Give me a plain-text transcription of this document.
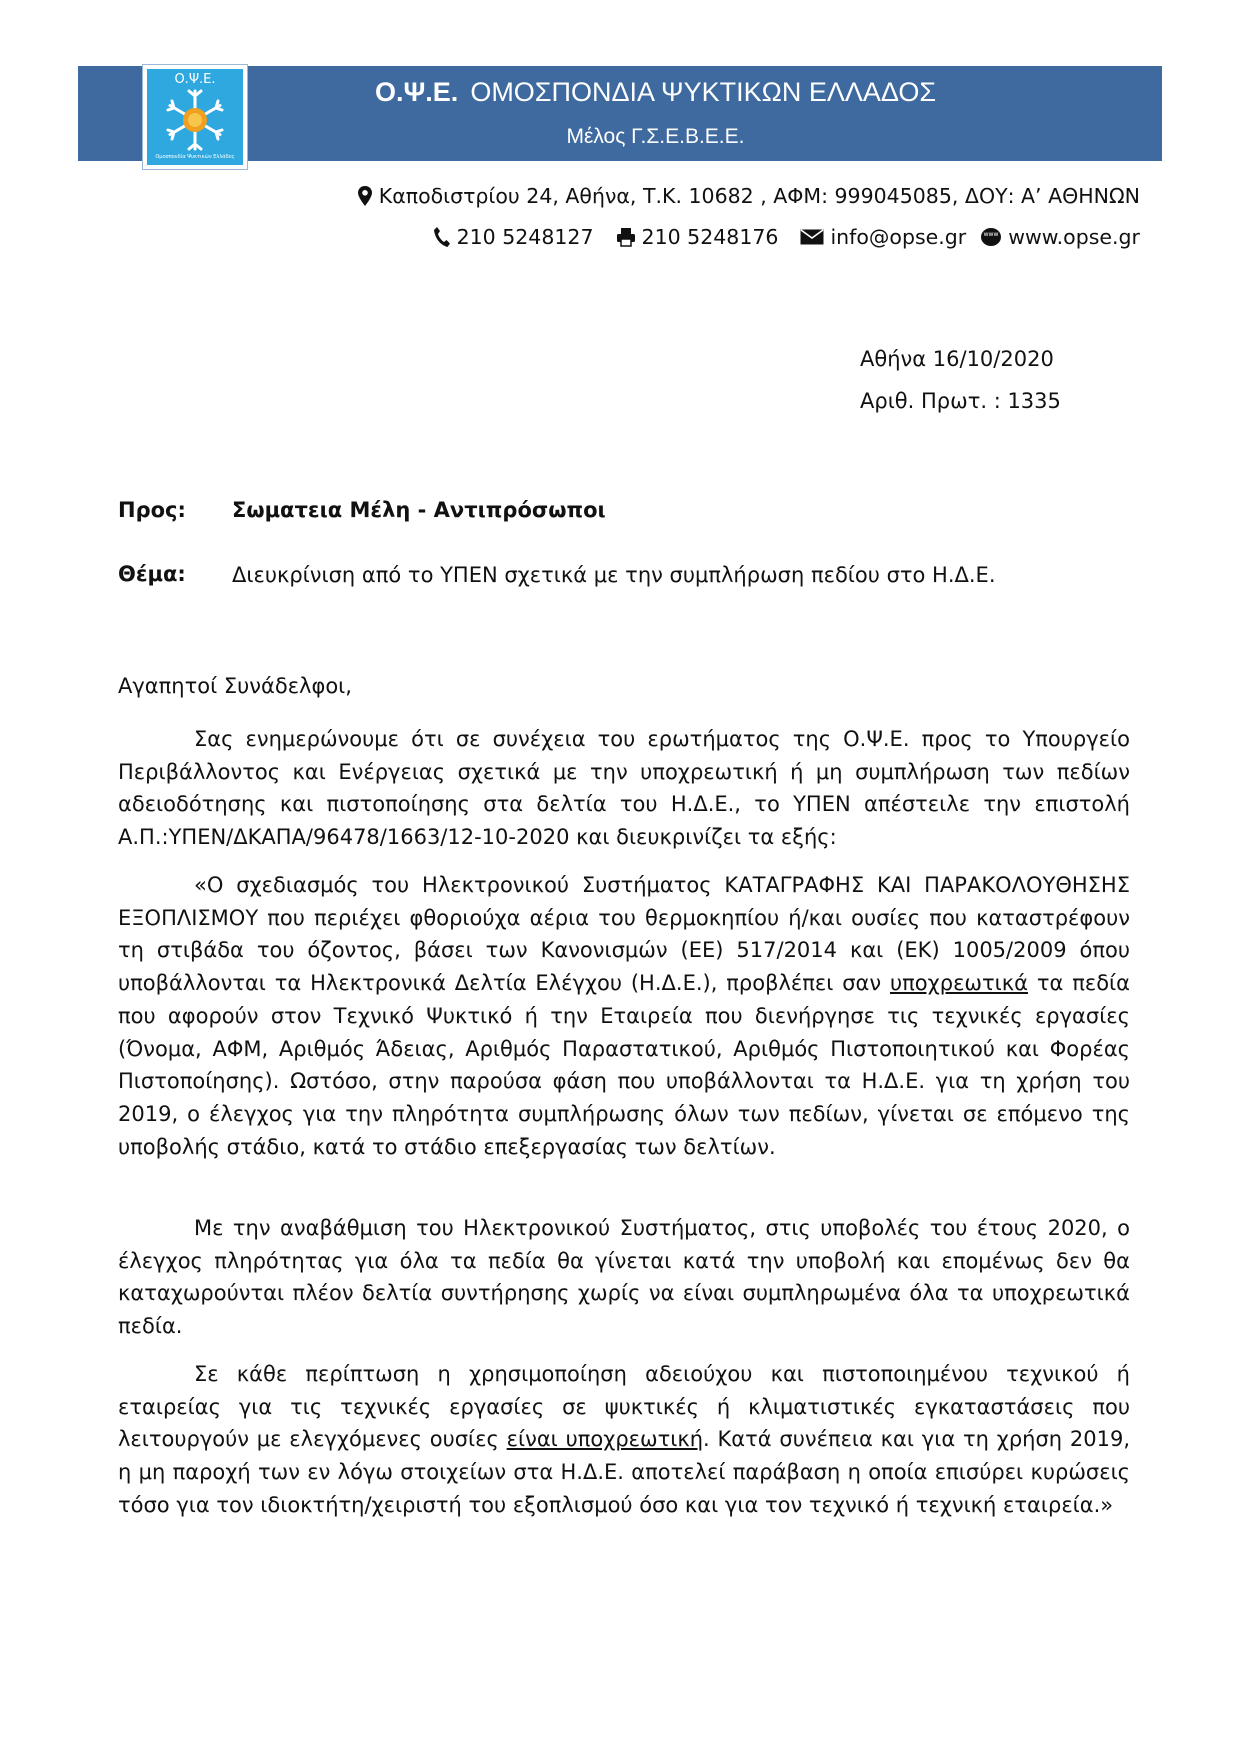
Ο.Ψ.Ε.
Ομοσπονδία Ψυκτικών Ελλάδος
Ο.Ψ.Ε. ΟΜΟΣΠΟΝΔΙΑ ΨΥΚΤΙΚΩΝ ΕΛΛΑΔΟΣ
Μέλος Γ.Σ.Ε.Β.Ε.Ε.
Καποδιστρίου 24, Αθήνα, Τ.Κ. 10682 , ΑΦΜ: 999045085, ΔΟΥ: Α’ ΑΘΗΝΩΝ
210 5248127 210 5248176	info@opse.gr	www www.opse.gr
Αθήνα 16/10/2020
Αριθ. Πρωτ. : 1335
Προς: Σωματεια Μέλη - Αντιπρόσωποι
Θέμα: Διευκρίνιση από το ΥΠΕΝ σχετικά με την συμπλήρωση πεδίου στο Η.Δ.Ε.
Αγαπητοί Συνάδελφοι,

Σας ενημερώνουμε ότι σε συνέχεια του ερωτήματος της Ο.Ψ.Ε. προς το Υπουργείο Περιβάλλοντος και Ενέργειας σχετικά με την υποχρεωτική ή μη συμπλήρωση των πεδίων αδειοδότησης και πιστοποίησης στα δελτία του Η.Δ.Ε., το ΥΠΕΝ απέστειλε την επιστολή Α.Π.:ΥΠΕΝ/ΔΚΑΠΑ/96478/1663/12-10-2020 και διευκρινίζει τα εξής:

«Ο σχεδιασμός του Ηλεκτρονικού Συστήματος ΚΑΤΑΓΡΑΦΗΣ ΚΑΙ ΠΑΡΑΚΟΛΟΥΘΗΣΗΣ ΕΞΟΠΛΙΣΜΟΥ που περιέχει φθοριούχα αέρια του θερμοκηπίου ή/και ουσίες που καταστρέφουν τη στιβάδα του όζοντος, βάσει των Κανονισμών (ΕΕ) 517/2014 και (ΕΚ) 1005/2009 όπου υποβάλλονται τα Ηλεκτρονικά Δελτία Ελέγχου (Η.Δ.Ε.), προβλέπει σαν υποχρεωτικά τα πεδία που αφορούν στον Τεχνικό Ψυκτικό ή την Εταιρεία που διενήργησε τις τεχνικές εργασίες (Όνομα, ΑΦΜ, Αριθμός Άδειας, Αριθμός Παραστατικού, Αριθμός Πιστοποιητικού και Φορέας Πιστοποίησης). Ωστόσο, στην παρούσα φάση που υποβάλλονται τα Η.Δ.Ε. για τη χρήση του 2019, ο έλεγχος για την πληρότητα συμπλήρωσης όλων των πεδίων, γίνεται σε επόμενο της υποβολής στάδιο, κατά το στάδιο επεξεργασίας των δελτίων.

Με την αναβάθμιση του Ηλεκτρονικού Συστήματος, στις υποβολές του έτους 2020, ο έλεγχος πληρότητας για όλα τα πεδία θα γίνεται κατά την υποβολή και επομένως δεν θα καταχωρούνται πλέον δελτία συντήρησης χωρίς να είναι συμπληρωμένα όλα τα υποχρεωτικά πεδία.

Σε κάθε περίπτωση η χρησιμοποίηση αδειούχου και πιστοποιημένου τεχνικού ή εταιρείας για τις τεχνικές εργασίες σε ψυκτικές ή κλιματιστικές εγκαταστάσεις που λειτουργούν με ελεγχόμενες ουσίες είναι υποχρεωτική. Κατά συνέπεια και για τη χρήση 2019, η μη παροχή των εν λόγω στοιχείων στα Η.Δ.Ε. αποτελεί παράβαση η οποία επισύρει κυρώσεις τόσο για τον ιδιοκτήτη/χειριστή του εξοπλισμού όσο και για τον τεχνικό ή τεχνική εταιρεία.»
